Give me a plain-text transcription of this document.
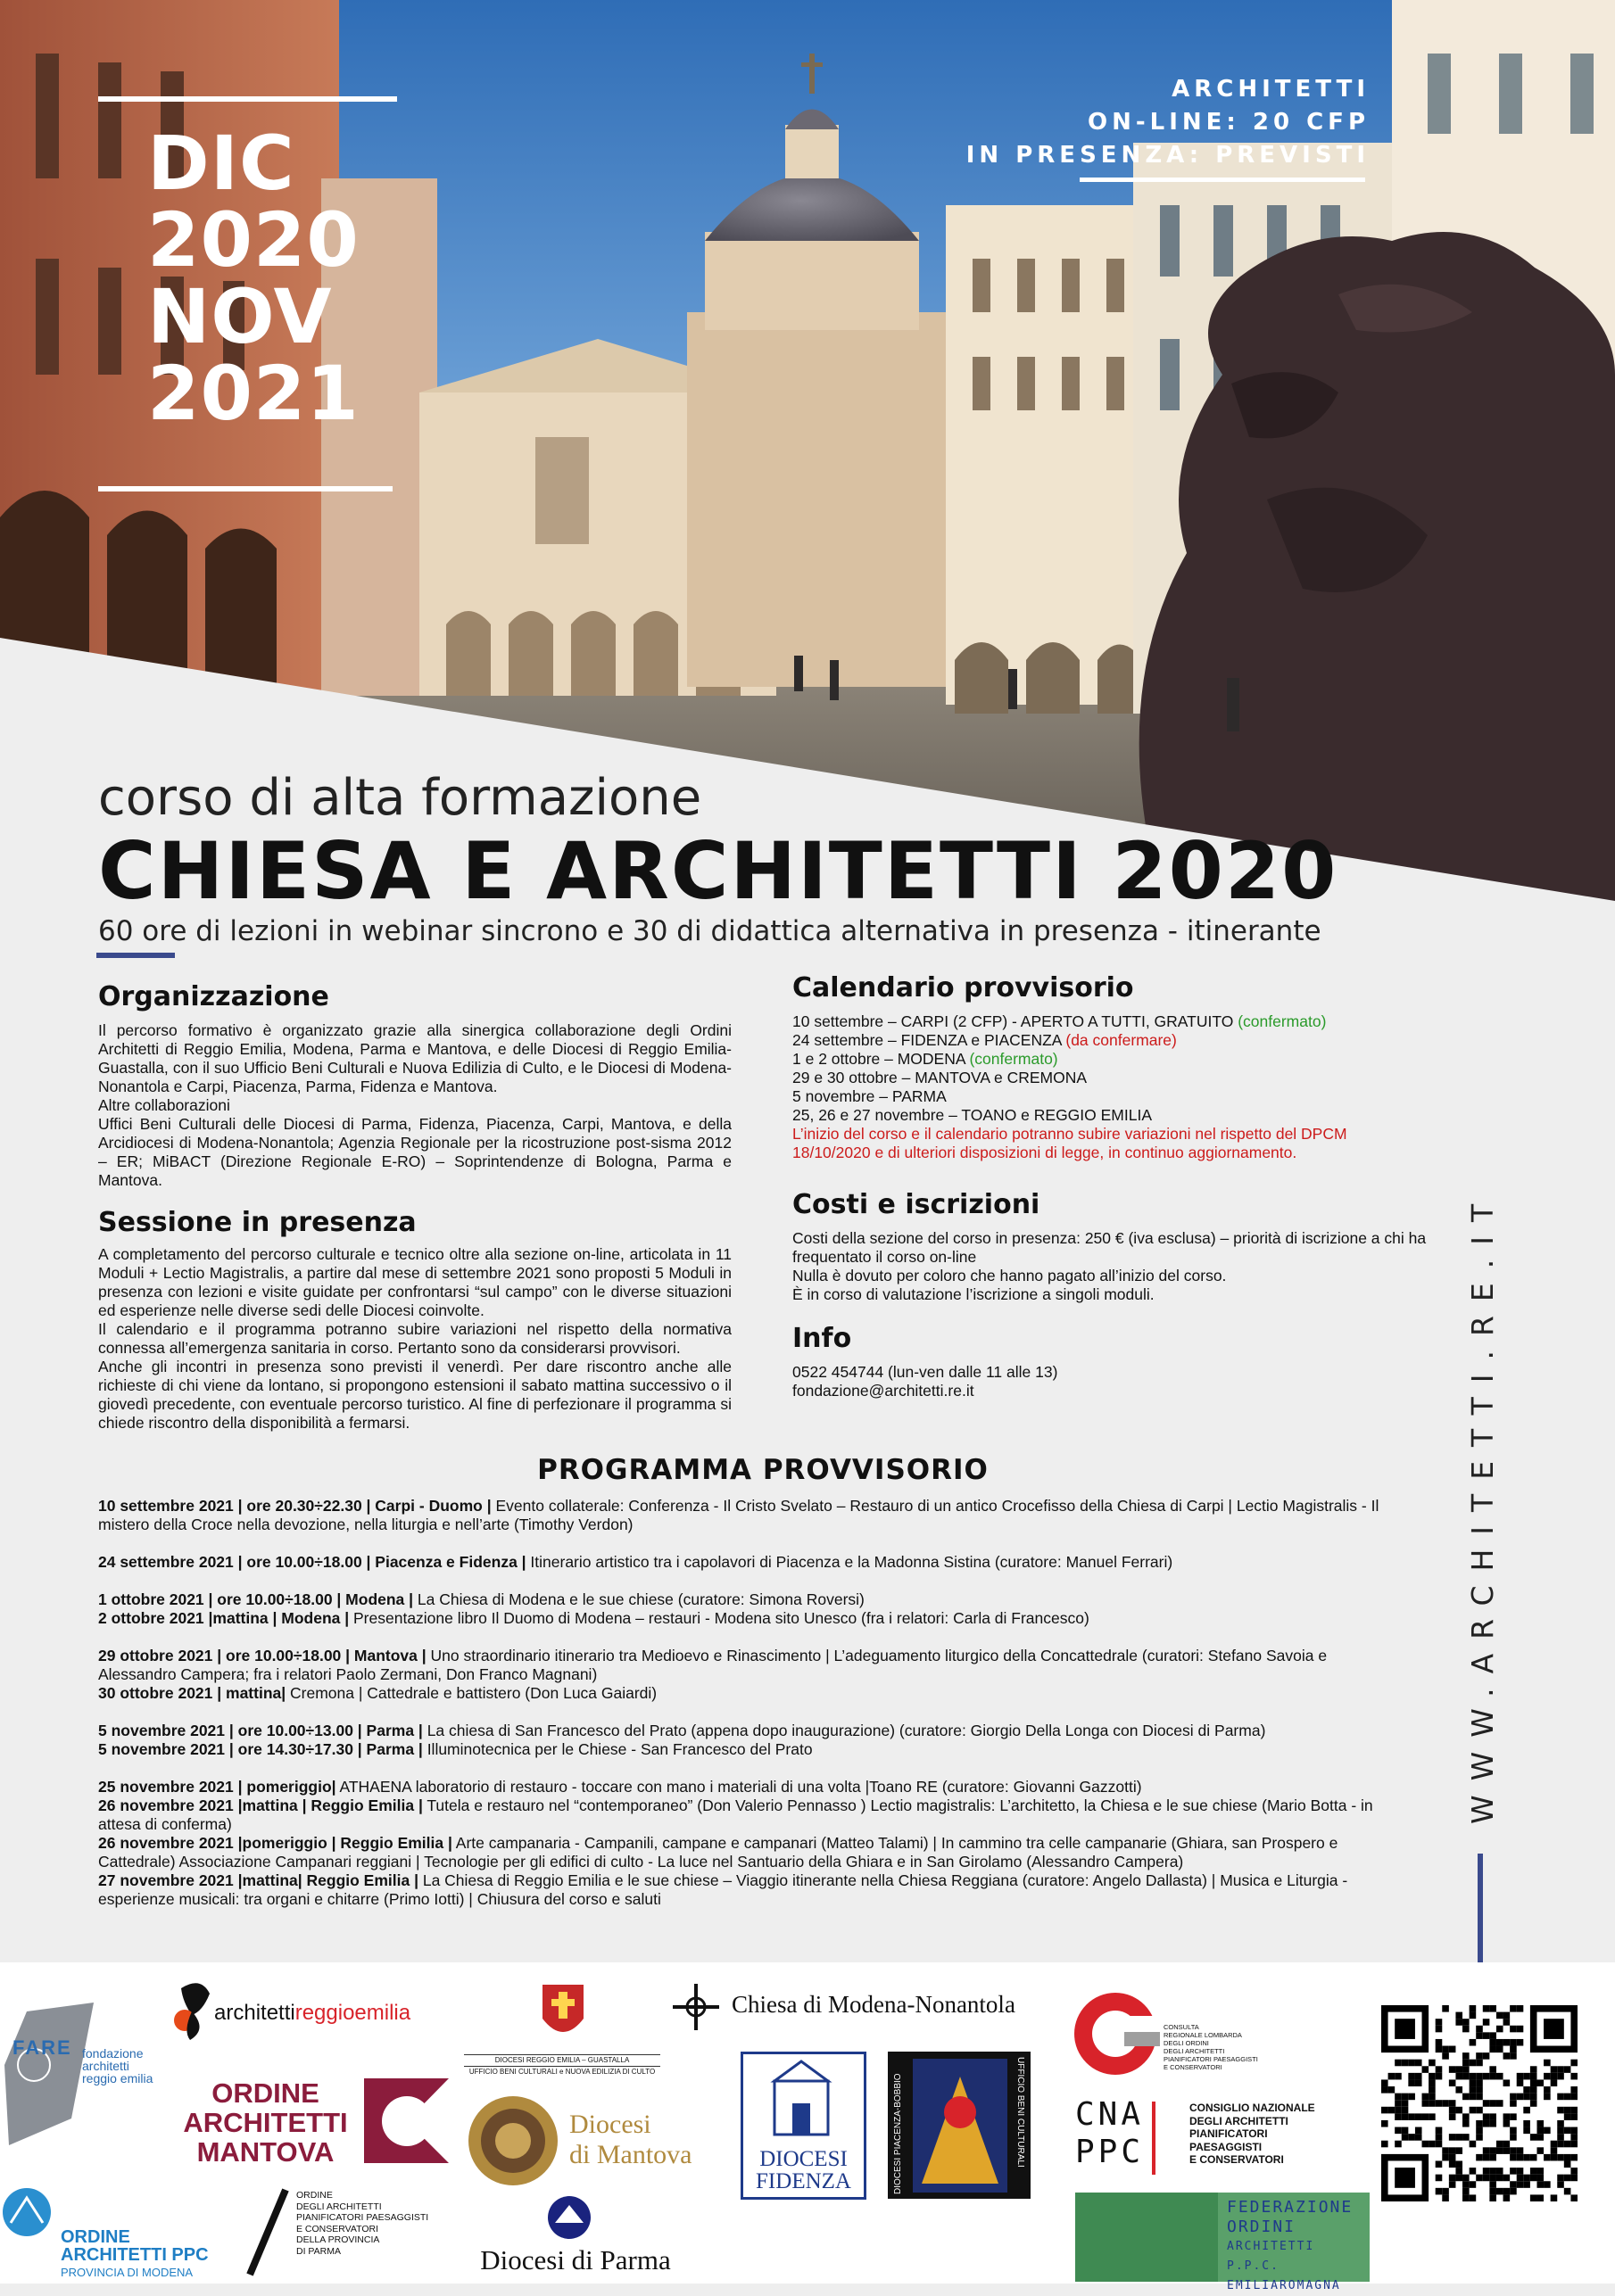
DIC
2020
NOV
2021
ARCHITETTI
ON-LINE: 20 CFP
IN PRESENZA: PREVISTI
corso di alta formazione
CHIESA E ARCHITETTI 2020
60 ore di lezioni in webinar sincrono e 30 di didattica alternativa in presenza - itinerante
Organizzazione
Il percorso formativo è organizzato grazie alla sinergica collaborazione degli Ordini Architetti di Reggio Emilia, Modena, Parma e Mantova, e delle Diocesi di Reggio Emilia-Guastalla, con il suo Ufficio Beni Culturali e Nuova Edilizia di Culto, e le Diocesi di Modena-Nonantola e Carpi, Piacenza, Parma, Fidenza e Mantova.
Altre collaborazioni
Uffici Beni Culturali delle Diocesi di Parma, Fidenza, Piacenza, Carpi, Mantova, e della Arcidiocesi di Modena-Nonantola; Agenzia Regionale per la ricostruzione post-sisma 2012 – ER; MiBACT (Direzione Regionale E-RO) – Soprintendenze di Bologna, Parma e Mantova.
Sessione in presenza
A completamento del percorso culturale e tecnico oltre alla sezione on-line, articolata in 11 Moduli + Lectio Magistralis, a partire dal mese di settembre 2021 sono proposti 5 Moduli in presenza con lezioni e visite guidate per confrontarsi “sul campo” con le diverse situazioni ed esperienze nelle diverse sedi delle Diocesi coinvolte.
Il calendario e il programma potranno subire variazioni nel rispetto della normativa connessa all’emergenza sanitaria in corso. Pertanto sono da considerarsi provvisori.
Anche gli incontri in presenza sono previsti il venerdì. Per dare riscontro anche alle richieste di chi viene da lontano, si propongono estensioni il sabato mattina successivo o il giovedì precedente, con eventuale percorso turistico. Al fine di perfezionare il programma si chiede riscontro della disponibilità a fermarsi.
Calendario provvisorio
10 settembre – CARPI (2 CFP) - APERTO A TUTTI, GRATUITO (confermato)
24 settembre – FIDENZA e PIACENZA (da confermare)
1 e 2 ottobre – MODENA (confermato)
29 e 30 ottobre – MANTOVA e CREMONA
5 novembre – PARMA
25, 26 e 27 novembre – TOANO e REGGIO EMILIA
L’inizio del corso e il calendario potranno subire variazioni nel rispetto del DPCM 18/10/2020 e di ulteriori disposizioni di legge, in continuo aggiornamento.
Costi e iscrizioni
Costi della sezione del corso in presenza: 250 € (iva esclusa) – priorità di iscrizione a chi ha frequentato il corso on-line
Nulla è dovuto per coloro che hanno pagato all’inizio del corso.
È in corso di valutazione l’iscrizione a singoli moduli.
Info
0522 454744 (lun-ven dalle 11 alle 13)
fondazione@architetti.re.it	WWW.ARCHITETTI.RE.IT
PROGRAMMA PROVVISORIO
10 settembre 2021 | ore 20.30÷22.30 | Carpi - Duomo | Evento collaterale: Conferenza - Il Cristo Svelato – Restauro di un antico Crocefisso della Chiesa di Carpi | Lectio Magistralis - Il mistero della Croce nella devozione, nella liturgia e nell’arte (Timothy Verdon)
24 settembre 2021 | ore 10.00÷18.00 | Piacenza e Fidenza | Itinerario artistico tra i capolavori di Piacenza e la Madonna Sistina (curatore: Manuel Ferrari)
1 ottobre 2021 | ore 10.00÷18.00 | Modena | La Chiesa di Modena e le sue chiese (curatore: Simona Roversi)
2 ottobre 2021 |mattina | Modena | Presentazione libro Il Duomo di Modena – restauri - Modena sito Unesco (fra i relatori: Carla di Francesco)
29 ottobre 2021 | ore 10.00÷18.00 | Mantova | Uno straordinario itinerario tra Medioevo e Rinascimento | L’adeguamento liturgico della Concattedrale (curatori: Stefano Savoia e Alessandro Campera; fra i relatori Paolo Zermani, Don Franco Magnani)
30 ottobre 2021 | mattina| Cremona | Cattedrale e battistero (Don Luca Gaiardi)
5 novembre 2021 | ore 10.00÷13.00 | Parma | La chiesa di San Francesco del Prato (appena dopo inaugurazione) (curatore: Giorgio Della Longa con Diocesi di Parma)
5 novembre 2021 | ore 14.30÷17.30 | Parma | Illuminotecnica per le Chiese - San Francesco del Prato
25 novembre 2021 | pomeriggio| ATHAENA laboratorio di restauro - toccare con mano i materiali di una volta |Toano RE (curatore: Giovanni Gazzotti)
26 novembre 2021 |mattina | Reggio Emilia | Tutela e restauro nel “contemporaneo” (Don Valerio Pennasso ) Lectio magistralis: L’architetto, la Chiesa e le sue chiese (Mario Botta - in attesa di conferma)
26 novembre 2021 |pomeriggio | Reggio Emilia | Arte campanaria - Campanili, campane e campanari (Matteo Talami) | In cammino tra celle campanarie (Ghiara, san Prospero e Cattedrale) Associazione Campanari reggiani | Tecnologie per gli edifici di culto - La luce nel Santuario della Ghiara e in San Girolamo (Alessandro Campera)
27 novembre 2021 |mattina| Reggio Emilia | La Chiesa di Reggio Emilia e le sue chiese – Viaggio itinerante nella Chiesa Reggiana (curatore: Angelo Dallasta) | Musica e Liturgia - esperienze musicali: tra organi e chitarre (Primo Iotti) | Chiusura del corso e saluti
FARE fondazione
architetti
reggio emilia
architettireggioemilia
ORDINE
ARCHITETTI
MANTOVA
ORDINE
ARCHITETTI PPC
PROVINCIA DI MODENA
ORDINE
DEGLI ARCHITETTI
PIANIFICATORI PAESAGGISTI
E CONSERVATORI
DELLA PROVINCIA
DI PARMA
DIOCESI REGGIO EMILIA – GUASTALLA
UFFICIO BENI CULTURALI e NUOVA EDILIZIA DI CULTO
Diocesi
di Mantova
Diocesi di Parma
Chiesa di Modena-Nonantola
DIOCESI
FIDENZA	DIOCESI PIACENZA-BOBBIO	UFFICIO BENI CULTURALI
CONSULTA
REGIONALE LOMBARDA
DEGLI ORDINI
DEGLI ARCHITETTI
PIANIFICATORI PAESAGGISTI
E CONSERVATORI
CNA
PPC
CONSIGLIO NAZIONALE
DEGLI ARCHITETTI
PIANIFICATORI
PAESAGGISTI
E CONSERVATORI
FEDERAZIONE
ORDINI
ARCHITETTI P.P.C.
EMILIAROMAGNA
